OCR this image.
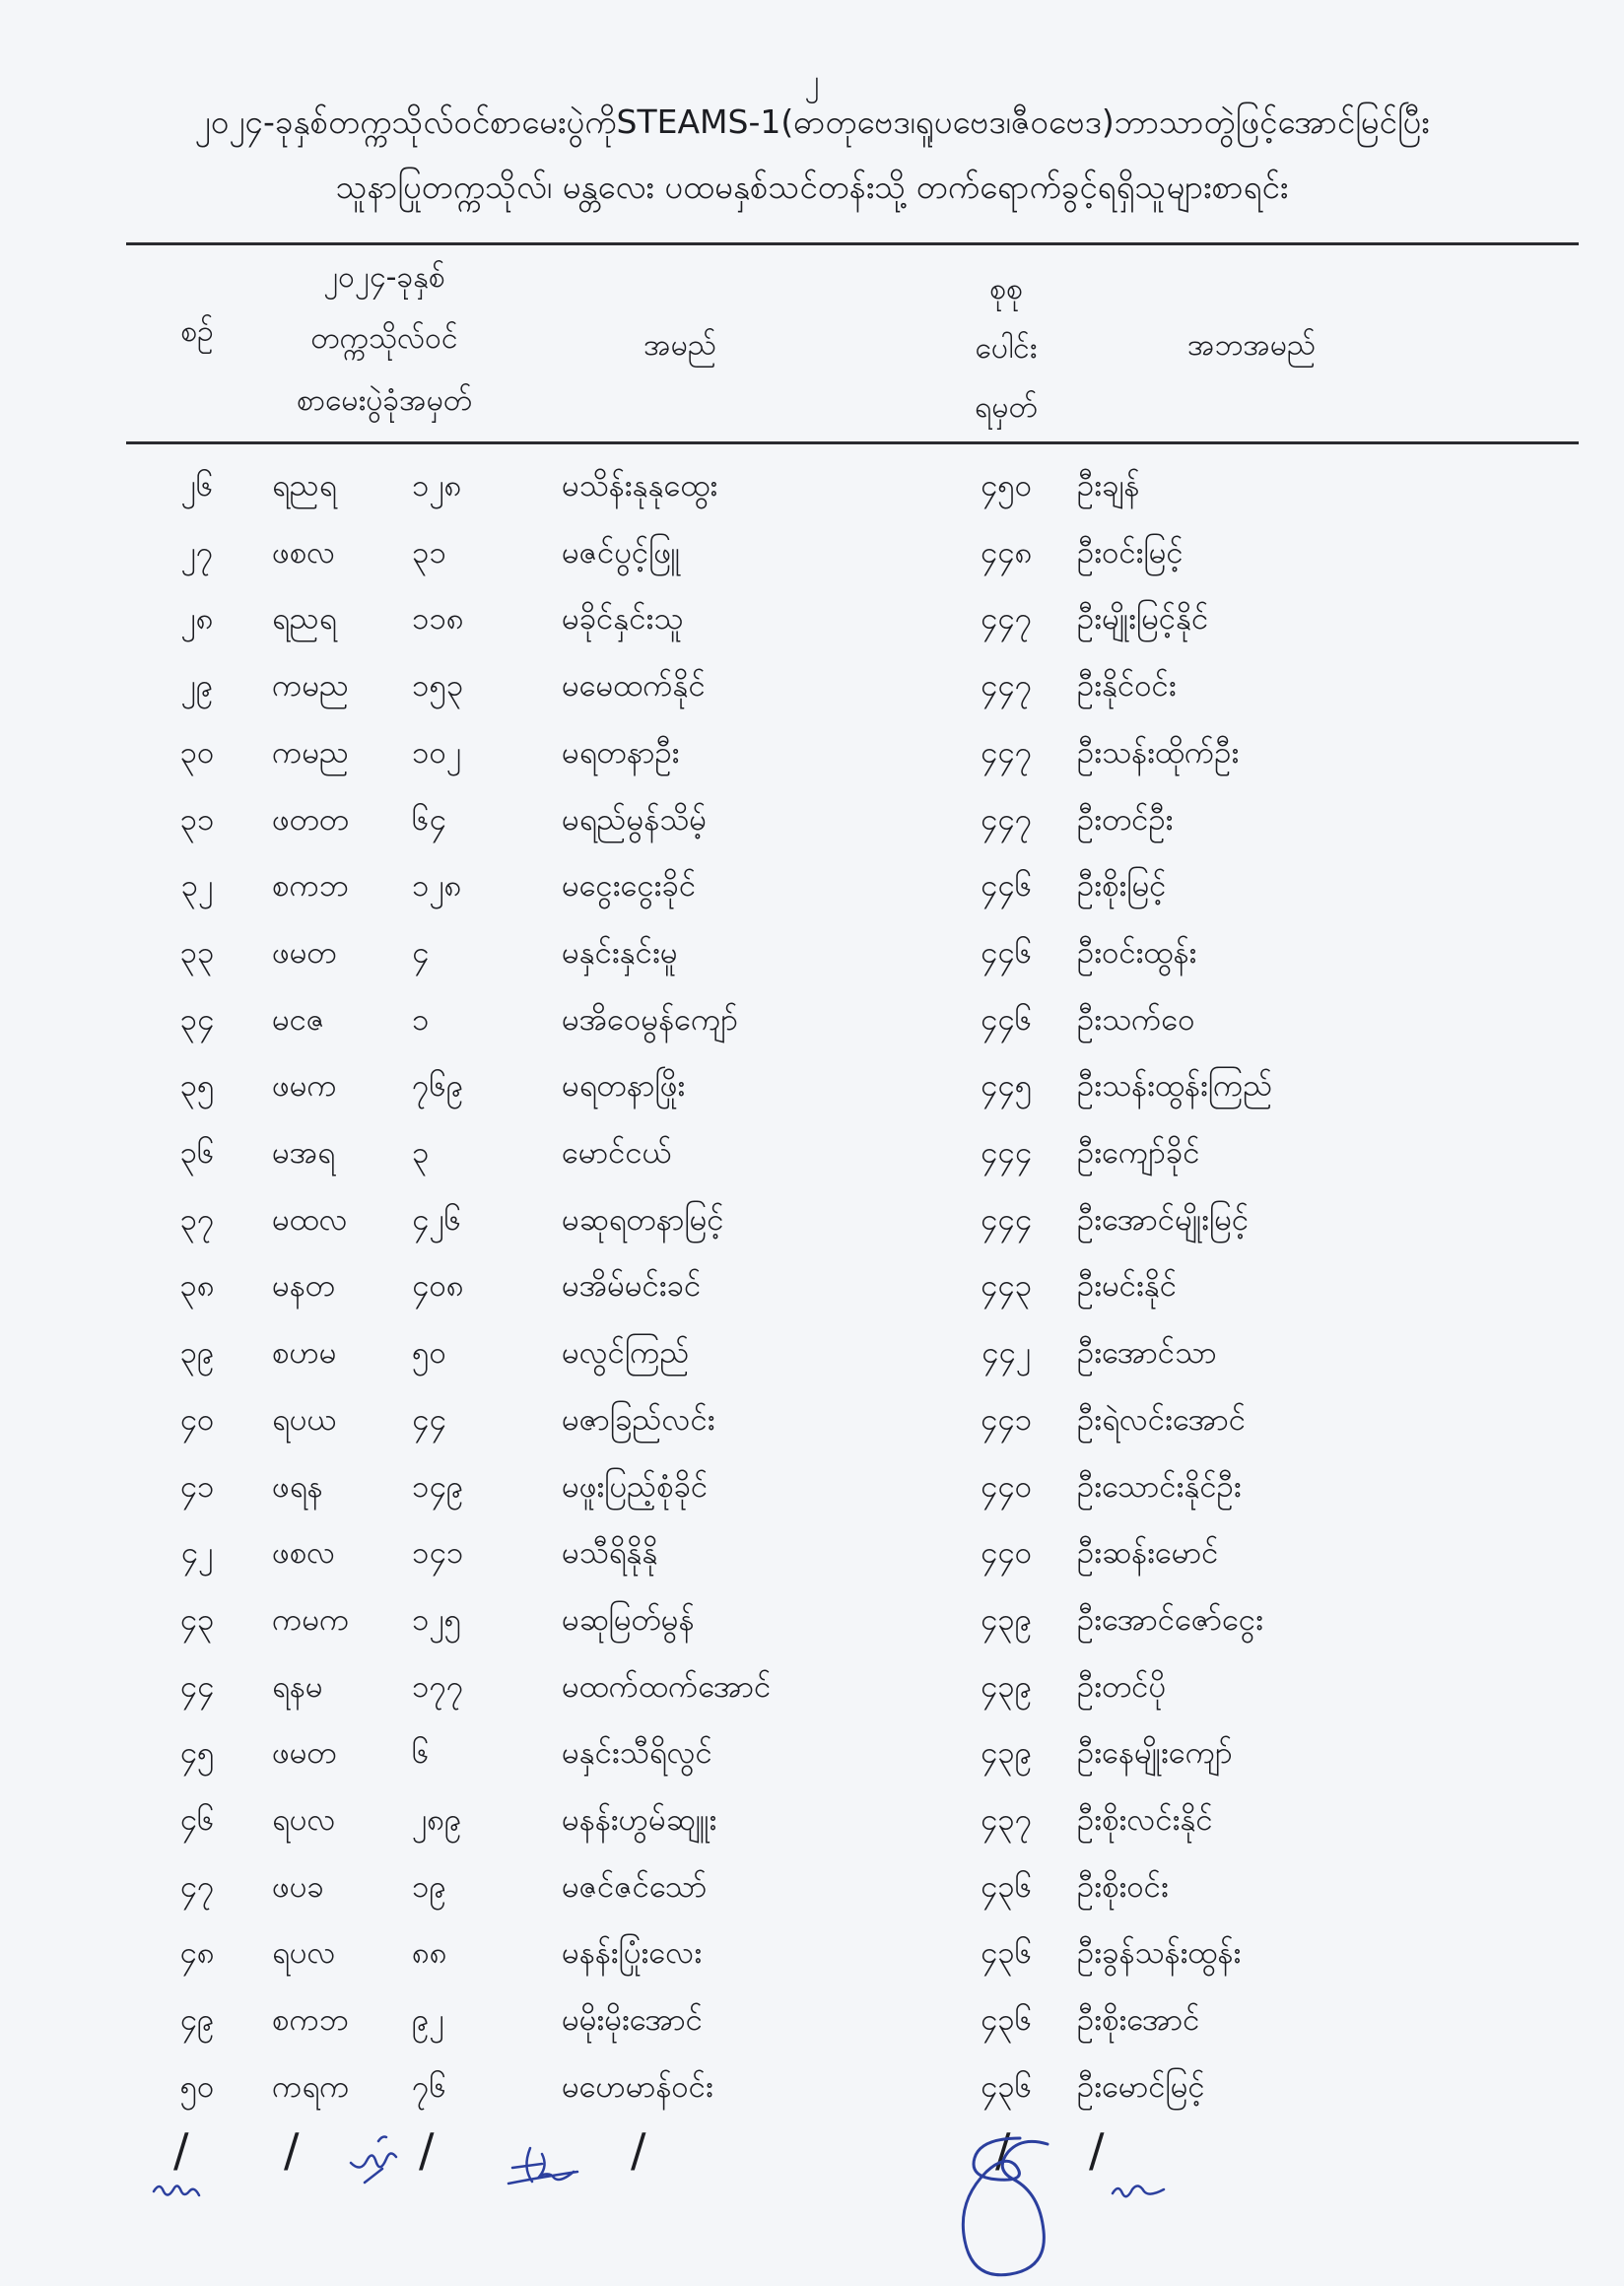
၂
၂၀၂၄-ခုနှစ်တက္ကသိုလ်ဝင်စာမေးပွဲကိုSTEAMS-1(ဓာတုဗေဒ၊ရူပဗေဒ၊ဇီဝဗေဒ)ဘာသာတွဲဖြင့်အောင်မြင်ပြီး
သူနာပြုတက္ကသိုလ်၊ မန္တလေး ပထမနှစ်သင်တန်းသို့ တက်ရောက်ခွင့်ရရှိသူများစာရင်း
စဉ်
၂၀၂၄-ခုနှစ်
တက္ကသိုလ်ဝင်
စာမေးပွဲခုံအမှတ်
အမည်
စုစု
ပေါင်း
ရမှတ်
အဘအမည်
၂၆	ရညရ ၁၂၈	မသိန်းနုနုထွေး	၄၅၀	ဦးချန်
၂၇	ဖစလ	၃၁	မဇင်ပွင့်ဖြူ	၄၄၈	ဦးဝင်းမြင့်
၂၈	ရညရ ၁၁၈	မခိုင်နှင်းသူ	၄၄၇	ဦးမျိုးမြင့်နိုင်
၂၉	ကမည ၁၅၃	မမေထက်နိုင်	၄၄၇	ဦးနိုင်ဝင်း
၃၀	ကမည ၁၀၂	မရတနာဦး	၄၄၇	ဦးသန်းထိုက်ဦး
၃၁	ဖတတ ၆၄	မရည်မွန်သိမ့်	၄၄၇	ဦးတင်ဦး
၃၂	စကဘ ၁၂၈	မငွေးငွေးခိုင်	၄၄၆	ဦးစိုးမြင့်
၃၃	ဖမတ ၄	မနှင်းနှင်းမူ	၄၄၆	ဦးဝင်းထွန်း
၃၄	မငဇ	၁	မအိဝေမွန်ကျော်	၄၄၆	ဦးသက်ဝေ
၃၅	ဖမက ၇၆၉	မရတနာဖြိုး	၄၄၅	ဦးသန်းထွန်းကြည်
၃၆	မအရ	၃	မောင်ငယ်	၄၄၄	ဦးကျော်ခိုင်
၃၇	မထလ ၄၂၆	မဆုရတနာမြင့်	၄၄၄	ဦးအောင်မျိုးမြင့်
၃၈	မနတ	၄၀၈	မအိမ်မင်းခင်	၄၄၃	ဦးမင်းနိုင်
၃၉	စဟမ ၅၀	မလွင်ကြည်	၄၄၂	ဦးအောင်သာ
၄၀	ရပယ ၄၄	မဇာခြည်လင်း	၄၄၁	ဦးရဲလင်းအောင်
၄၁	ဖရန	၁၄၉	မဖူးပြည့်စုံခိုင်	၄၄၀	ဦးသောင်းနိုင်ဦး
၄၂	ဖစလ	၁၄၁	မသီရိနိုနို	၄၄၀	ဦးဆန်းမောင်
၄၃	ကမက ၁၂၅	မဆုမြတ်မွန်	၄၃၉	ဦးအောင်ဇော်ငွေး
၄၄	ရနမ	၁၇၇	မထက်ထက်အောင်	၄၃၉	ဦးတင်ပို
၄၅	ဖမတ ၆	မနှင်းသီရိလွင်	၄၃၉	ဦးနေမျိုးကျော်
၄၆	ရပလ ၂၈၉	မနန်းဟွမ်ဆျူး	၄၃၇	ဦးစိုးလင်းနိုင်
၄၇	ဖပခ	၁၉	မဇင်ဇင်သော်	၄၃၆	ဦးစိုးဝင်း
၄၈	ရပလ ၈၈	မနန်းပြုံးလေး	၄၃၆	ဦးခွန်သန်းထွန်း
၄၉	စကဘ ၉၂	မမိုးမိုးအောင်	၄၃၆	ဦးစိုးအောင်
၅၀	ကရက ၇၆	မဟေမာန်ဝင်း	၄၃၆	ဦးမောင်မြင့်
/ /	/	/	/ /
